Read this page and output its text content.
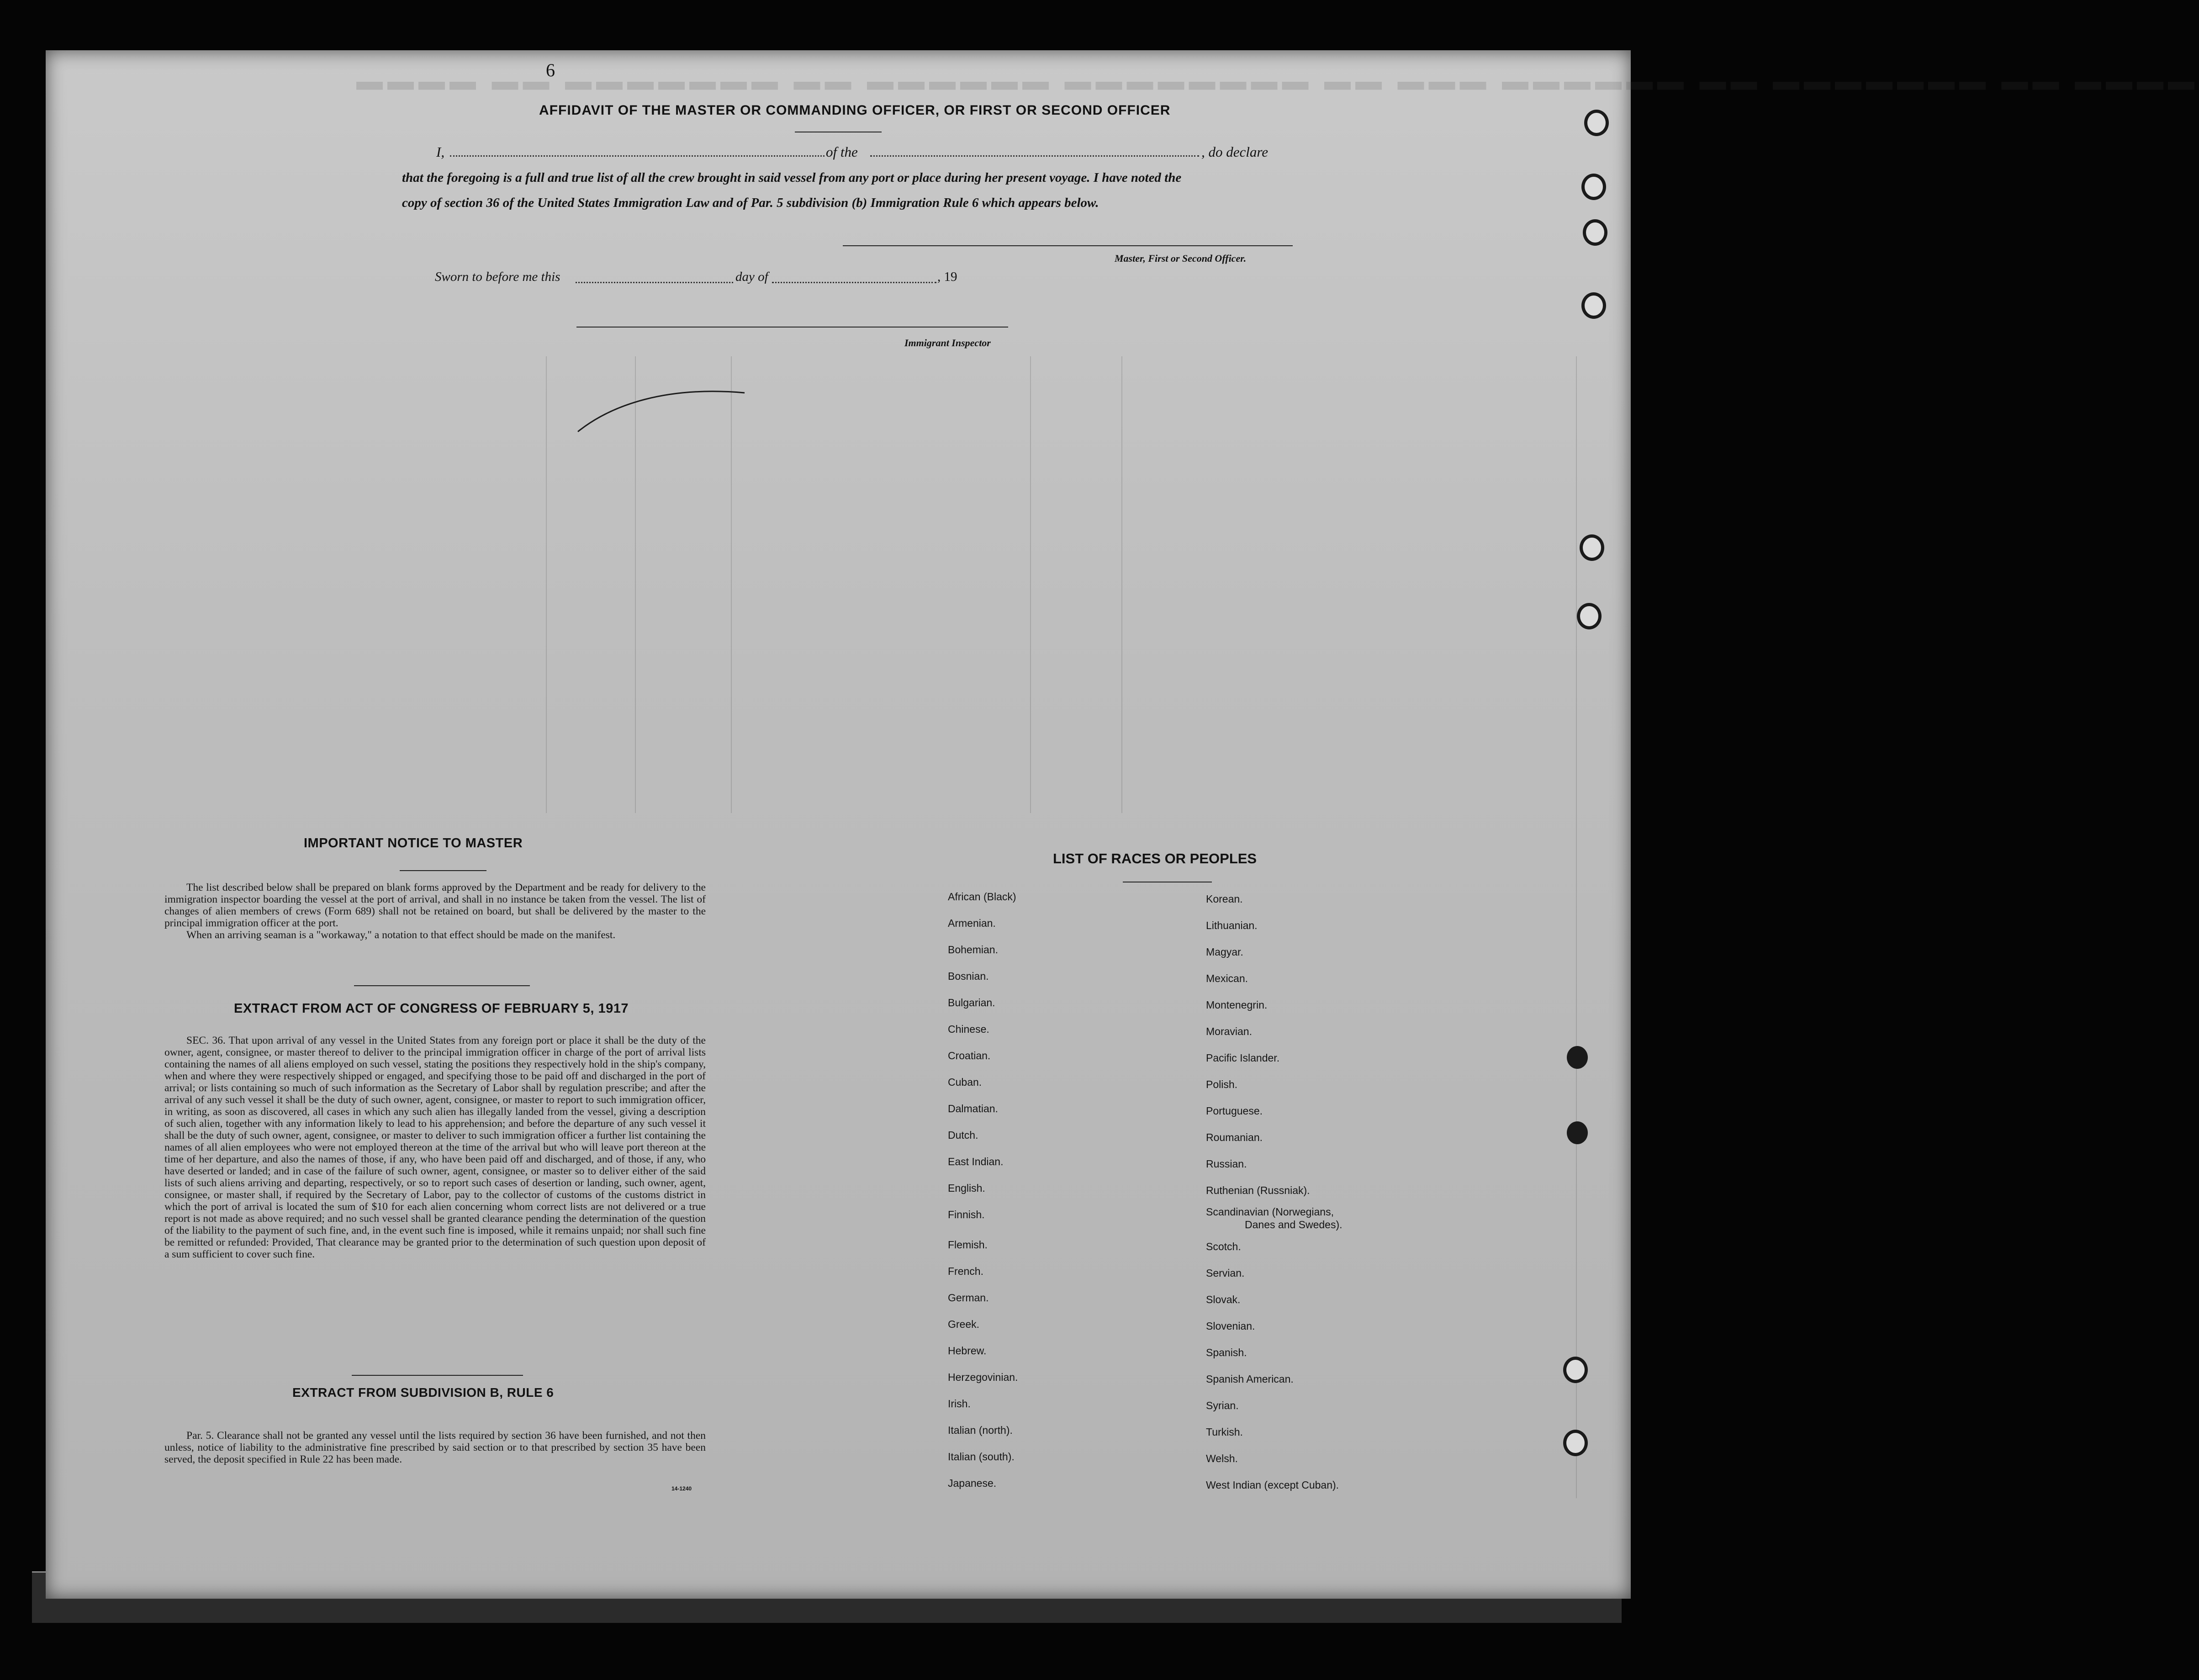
▬▬▬▬ ▬▬ ▬▬▬▬▬▬▬ ▬▬ ▬▬▬▬▬▬ ▬▬▬▬▬▬▬▬ ▬▬ ▬▬▬ ▬▬▬▬▬▬ ▬▬ ▬▬▬▬▬▬▬ ▬▬ ▬▬▬▬
6
AFFIDAVIT OF THE MASTER OR COMMANDING OFFICER, OR FIRST OR SECOND OFFICER
I,	of the	, do declare
that the foregoing is a full and true list of all the crew brought in said vessel from any port or place during her present voyage. I have noted the
copy of section 36 of the United States Immigration Law and of Par. 5 subdivision (b) Immigration Rule 6 which appears below.
Master, First or Second Officer.
Sworn to before me this	day of	, 19
Immigrant Inspector
IMPORTANT NOTICE TO MASTER

The list described below shall be prepared on blank forms approved by the Department and be ready for delivery to the immigration inspector boarding the vessel at the port of arrival, and shall in no instance be taken from the vessel. The list of changes of alien members of crews (Form 689) shall not be retained on board, but shall be delivered by the master to the principal immigration officer at the port.

When an arriving seaman is a "workaway," a notation to that effect should be made on the manifest.

EXTRACT FROM ACT OF CONGRESS OF FEBRUARY 5, 1917

SEC. 36. That upon arrival of any vessel in the United States from any foreign port or place it shall be the duty of the owner, agent, consignee, or master thereof to deliver to the principal immigration officer in charge of the port of arrival lists containing the names of all aliens employed on such vessel, stating the positions they respectively hold in the ship's company, when and where they were respectively shipped or engaged, and specifying those to be paid off and discharged in the port of arrival; or lists containing so much of such information as the Secretary of Labor shall by regulation prescribe; and after the arrival of any such vessel it shall be the duty of such owner, agent, consignee, or master to report to such immigration officer, in writing, as soon as discovered, all cases in which any such alien has illegally landed from the vessel, giving a description of such alien, together with any information likely to lead to his apprehension; and before the departure of any such vessel it shall be the duty of such owner, agent, consignee, or master to deliver to such immigration officer a further list containing the names of all alien employees who were not employed thereon at the time of the arrival but who will leave port thereon at the time of her departure, and also the names of those, if any, who have been paid off and discharged, and of those, if any, who have deserted or landed; and in case of the failure of such owner, agent, consignee, or master so to deliver either of the said lists of such aliens arriving and departing, respectively, or so to report such cases of desertion or landing, such owner, agent, consignee, or master shall, if required by the Secretary of Labor, pay to the collector of customs of the customs district in which the port of arrival is located the sum of $10 for each alien concerning whom correct lists are not delivered or a true report is not made as above required; and no such vessel shall be granted clearance pending the determination of the question of the liability to the payment of such fine, and, in the event such fine is imposed, while it remains unpaid; nor shall such fine be remitted or refunded: Provided, That clearance may be granted prior to the determination of such question upon deposit of a sum sufficient to cover such fine.

EXTRACT FROM SUBDIVISION B, RULE 6

Par. 5. Clearance shall not be granted any vessel until the lists required by section 36 have been furnished, and not then unless, notice of liability to the administrative fine prescribed by said section or to that prescribed by section 35 have been served, the deposit specified in Rule 22 has been made.

14-1240
LIST OF RACES OR PEOPLES
African (Black)
Armenian.
Bohemian.
Bosnian.
Bulgarian.
Chinese.
Croatian.
Cuban.
Dalmatian.
Dutch.
East Indian.
English.
Finnish.
Flemish.
French.
German.
Greek.
Hebrew.
Herzegovinian.
Irish.
Italian (north).
Italian (south).
Japanese.
Korean.
Lithuanian.
Magyar.
Mexican.
Montenegrin.
Moravian.
Pacific Islander.
Polish.
Portuguese.
Roumanian.
Russian.
Ruthenian (Russniak).
Scandinavian (Norwegians,
Danes and Swedes).
Scotch.
Servian.
Slovak.
Slovenian.
Spanish.
Spanish American.
Syrian.
Turkish.
Welsh.
West Indian (except Cuban).
